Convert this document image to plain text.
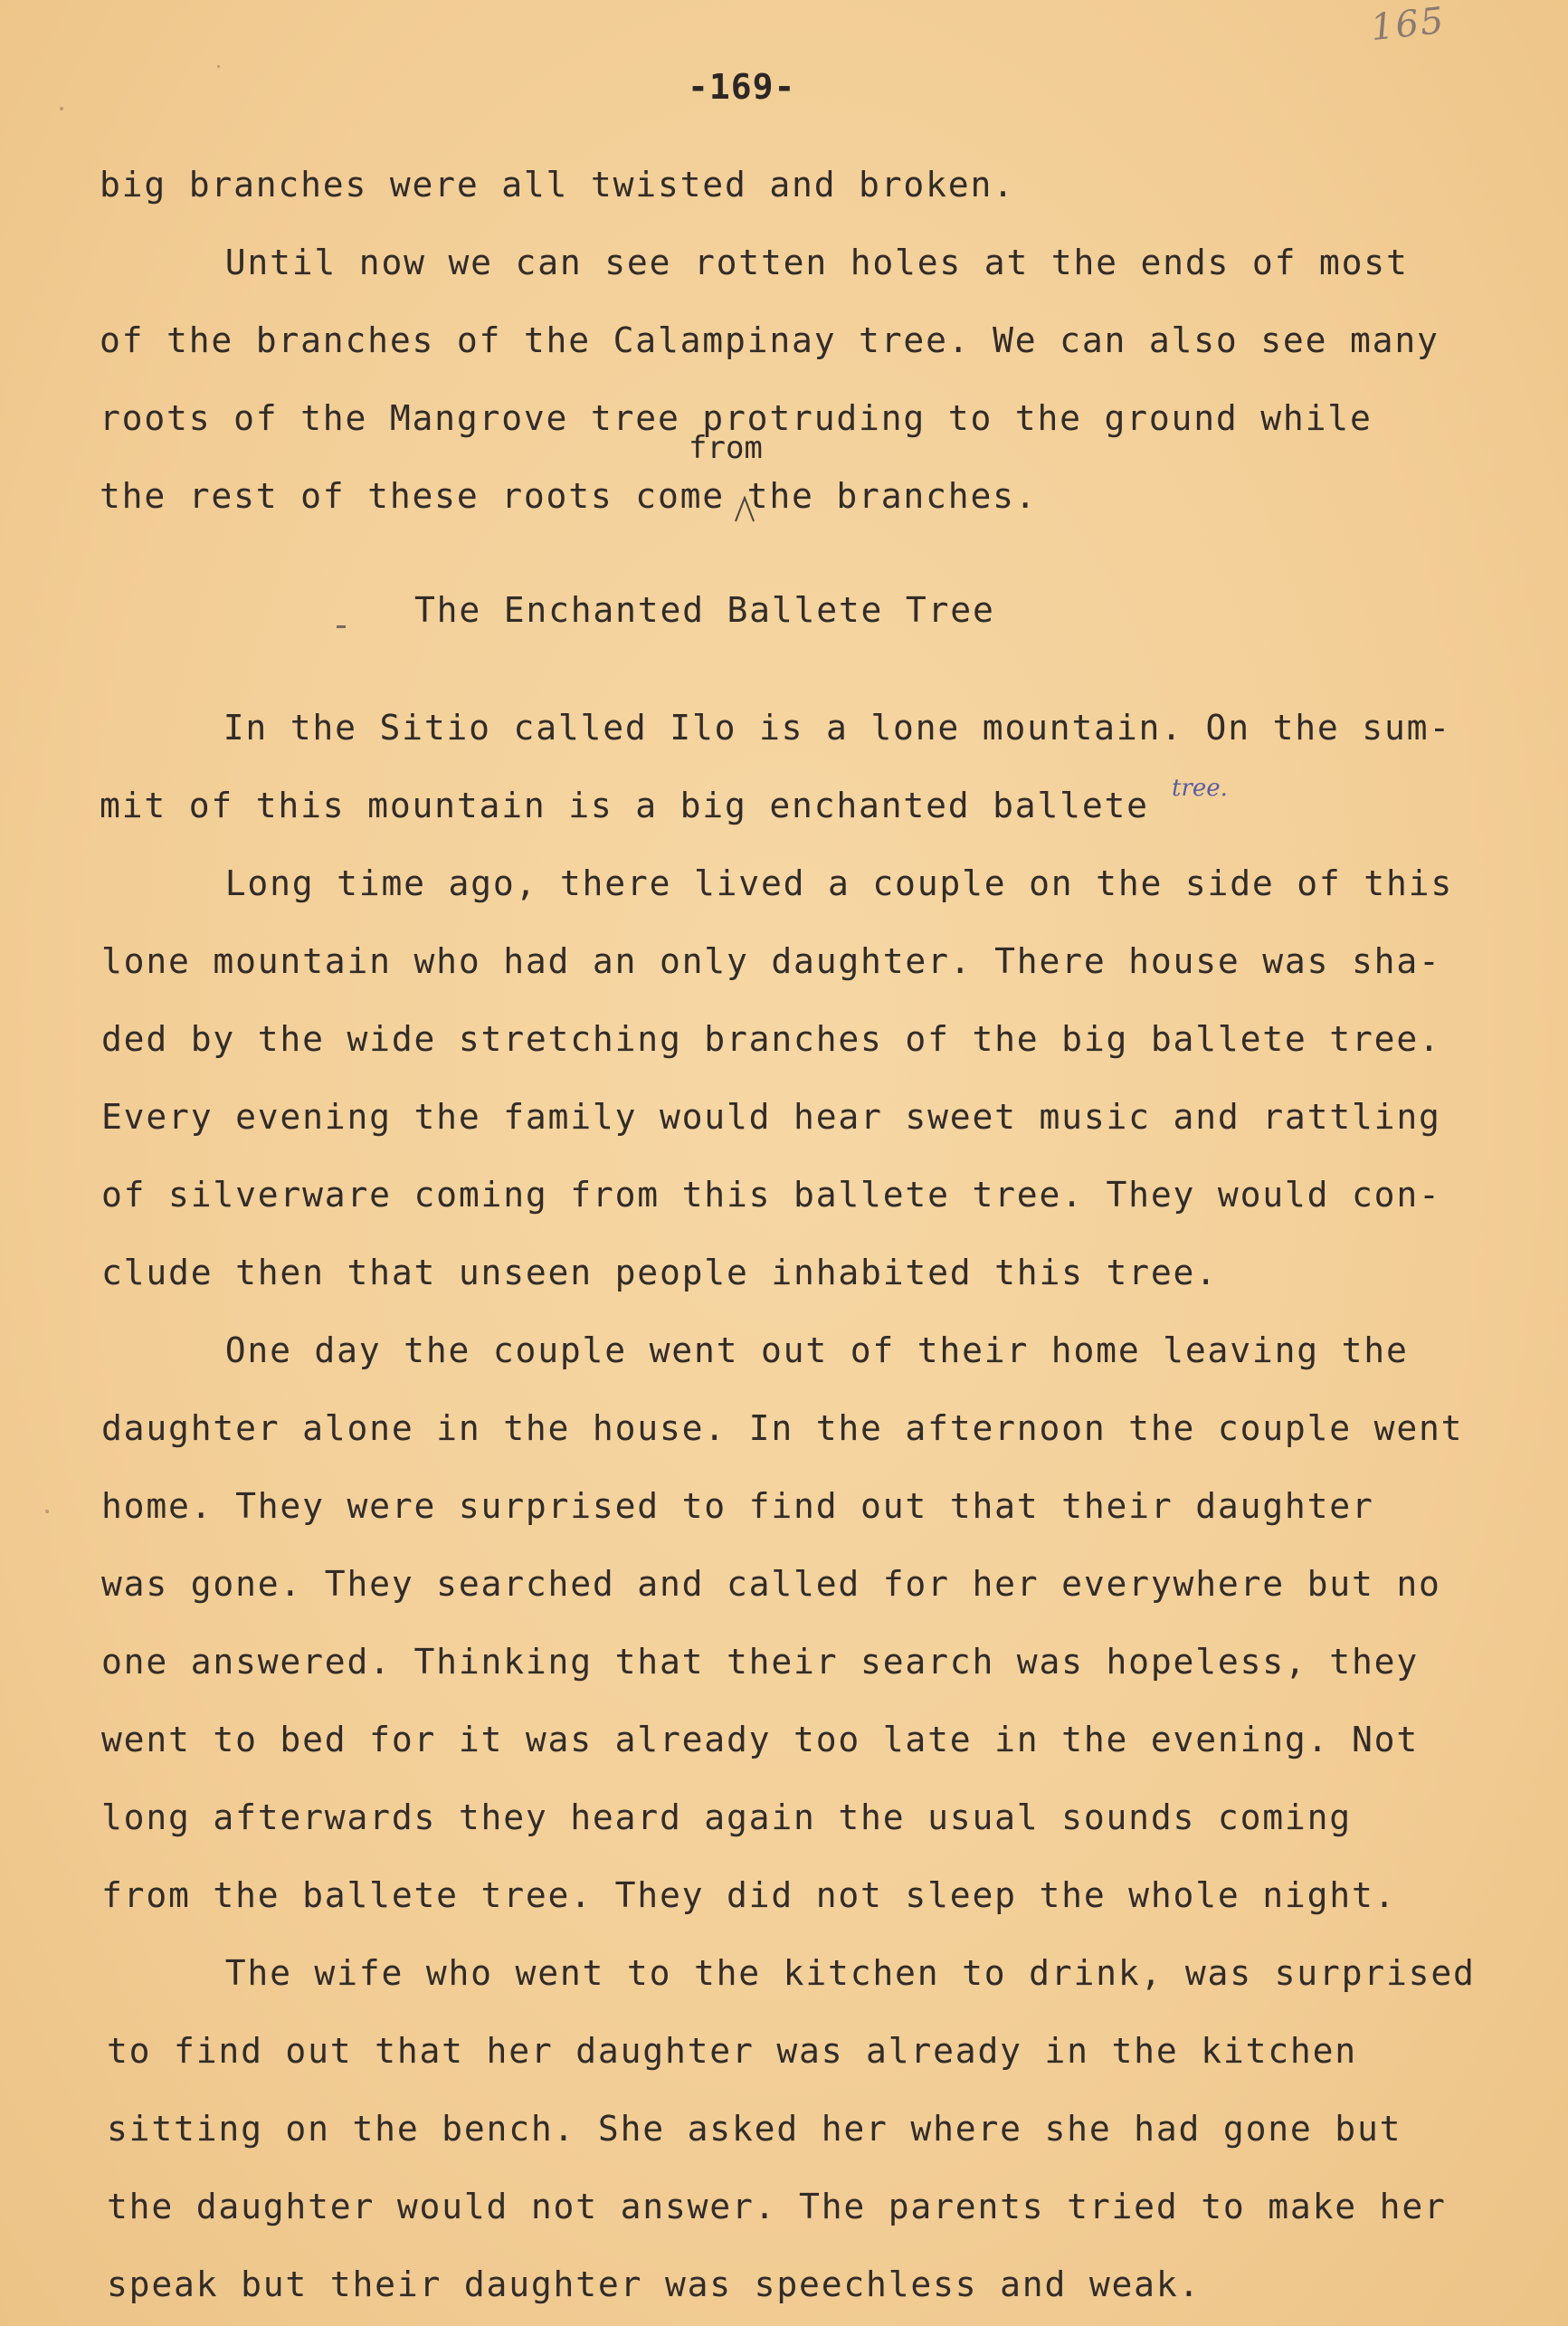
165
-169-
big branches were all twisted and broken.
Until now we can see rotten holes at the ends of most
of the branches of the Calampinay tree. We can also see many
roots of the Mangrove tree protruding to the ground while
from
the rest of these roots come the branches.
The Enchanted Ballete Tree
In the Sitio called Ilo is a lone mountain. On the sum-
mit of this mountain is a big enchanted ballete tree.
Long time ago, there lived a couple on the side of this
lone mountain who had an only daughter. There house was sha-
ded by the wide stretching branches of the big ballete tree.
Every evening the family would hear sweet music and rattling
of silverware coming from this ballete tree. They would con-
clude then that unseen people inhabited this tree.
One day the couple went out of their home leaving the
daughter alone in the house. In the afternoon the couple went
home. They were surprised to find out that their daughter
was gone. They searched and called for her everywhere but no
one answered. Thinking that their search was hopeless, they
went to bed for it was already too late in the evening. Not
long afterwards they heard again the usual sounds coming
from the ballete tree. They did not sleep the whole night.
The wife who went to the kitchen to drink, was surprised
to find out that her daughter was already in the kitchen
sitting on the bench. She asked her where she had gone but
the daughter would not answer. The parents tried to make her
speak but their daughter was speechless and weak.
